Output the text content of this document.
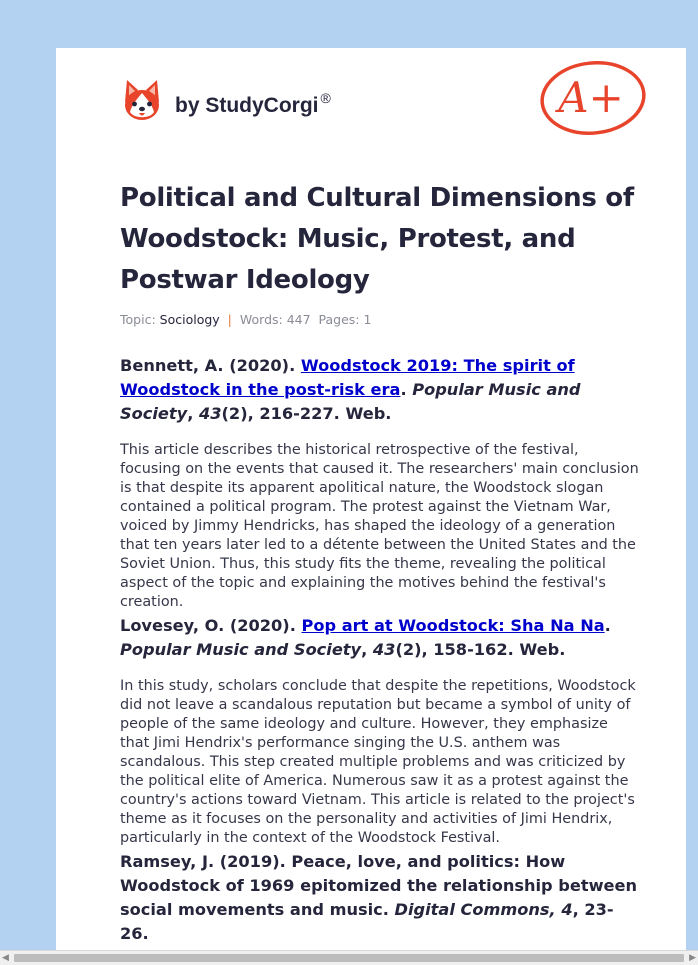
by StudyCorgi ®	A+
Political and Cultural Dimensions of Woodstock: Music, Protest, and Postwar Ideology
Topic: Sociology | Words: 447 Pages: 1

Bennett, A. (2020). Woodstock 2019: The spirit of Woodstock in the post-risk era. Popular Music and Society, 43(2), 216-227. Web.

This article describes the historical retrospective of the festival, focusing on the events that caused it. The researchers' main conclusion is that despite its apparent apolitical nature, the Woodstock slogan contained a political program. The protest against the Vietnam War, voiced by Jimmy Hendricks, has shaped the ideology of a generation that ten years later led to a détente between the United States and the Soviet Union. Thus, this study fits the theme, revealing the political aspect of the topic and explaining the motives behind the festival's creation.

Lovesey, O. (2020). Pop art at Woodstock: Sha Na Na. Popular Music and Society, 43(2), 158-162. Web.

In this study, scholars conclude that despite the repetitions, Woodstock did not leave a scandalous reputation but became a symbol of unity of people of the same ideology and culture. However, they emphasize that Jimi Hendrix's performance singing the U.S. anthem was scandalous. This step created multiple problems and was criticized by the political elite of America. Numerous saw it as a protest against the country's actions toward Vietnam. This article is related to the project's theme as it focuses on the personality and activities of Jimi Hendrix, particularly in the context of the Woodstock Festival.

Ramsey, J. (2019). Peace, love, and politics: How Woodstock of 1969 epitomized the relationship between social movements and music. Digital Commons, 4, 23-26.

◀	▶
